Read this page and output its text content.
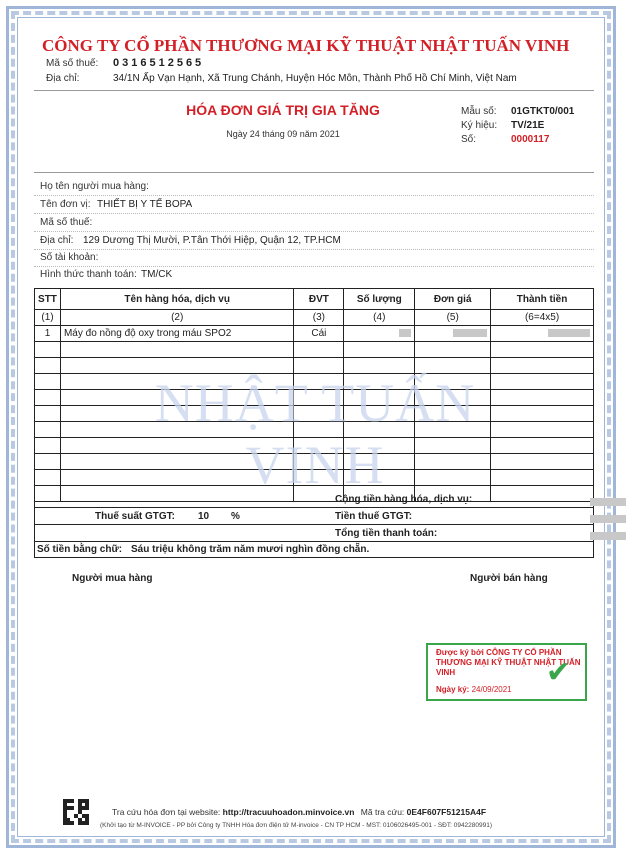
CÔNG TY CỔ PHẦN THƯƠNG MẠI KỸ THUẬT NHẬT TUẤN VINH
Mã số thuế: 0316512565
Địa chỉ:	34/1N Ấp Vạn Hạnh, Xã Trung Chánh, Huyện Hóc Môn, Thành Phố Hồ Chí Minh, Việt Nam
HÓA ĐƠN GIÁ TRỊ GIA TĂNG
Ngày 24 tháng 09 năm 2021
Mẫu số: 01GTKT0/001
Ký hiệu: TV/21E
Số:	0000117
Họ tên người mua hàng:
Tên đơn vị: THIẾT BỊ Y TẾ BOPA
Mã số thuế:
Địa chỉ: 129 Dương Thị Mười, P.Tân Thới Hiệp, Quận 12, TP.HCM
Số tài khoản:
Hình thức thanh toán: TM/CK
STT	Tên hàng hóa, dịch vụ	ĐVT	Số lượng	Đơn giá	Thành tiền
(1)	(2)	(3)	(4)	(5)	(6=4x5)
1	Máy đo nồng độ oxy trong máu SPO2	Cái			

NHẬT TUẤN VINH
Cộng tiền hàng hóa, dịch vụ:
Thuế suất GTGT: 10 %	Tiền thuế GTGT:
Tổng tiền thanh toán:
Số tiền bằng chữ: Sáu triệu không trăm năm mươi nghìn đồng chẵn.
Người mua hàng	Người bán hàng
Được ký bởi CÔNG TY CỔ PHẦN THƯƠNG MẠI KỸ THUẬT NHẬT TUẤN VINH
Ngày ký: 24/09/2021
✔
Tra cứu hóa đơn tại website: http://tracuuhoadon.minvoice.vn Mã tra cứu: 0E4F607F51215A4F
(Khởi tạo từ M-INVOICE - PP bởi Công ty TNHH Hóa đơn điện tử M-invoice - CN TP HCM - MST: 0106026495-001 - SĐT: 0942280991)
